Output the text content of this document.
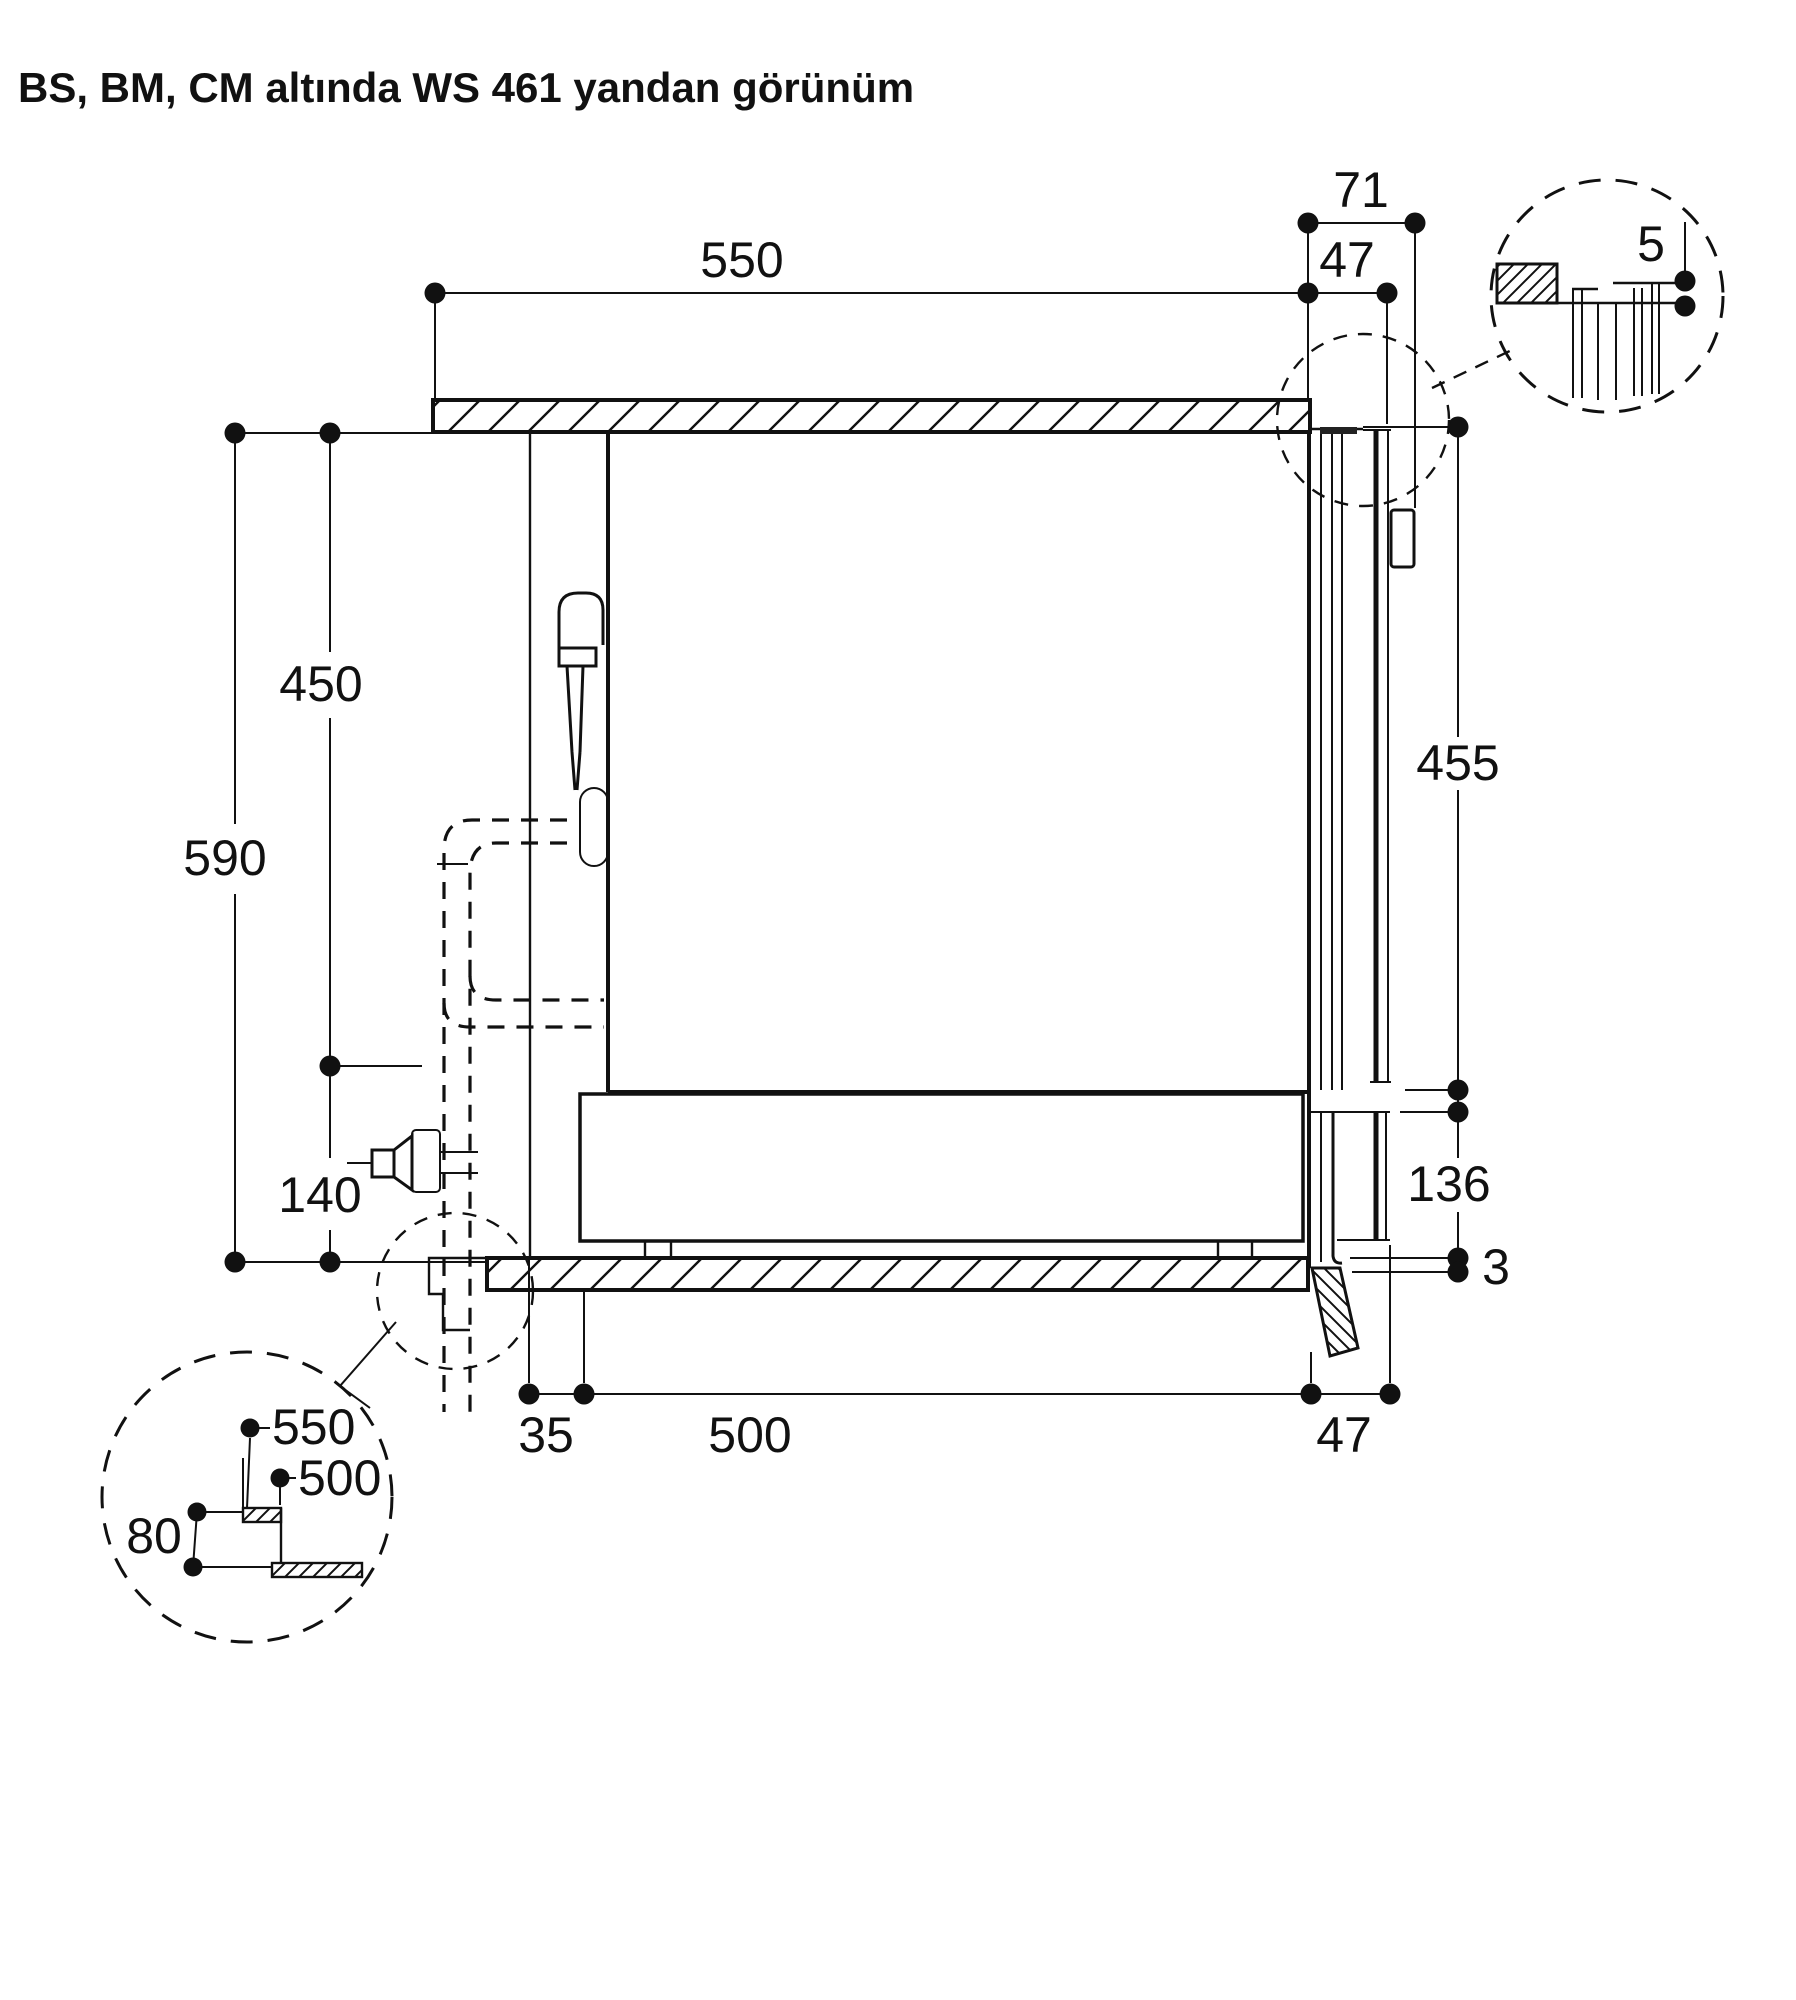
BS, BM, CM altında WS 461 yandan görünüm
550
71
47	5
450
590
140
455
136
3
35	500	47
550
500
80
